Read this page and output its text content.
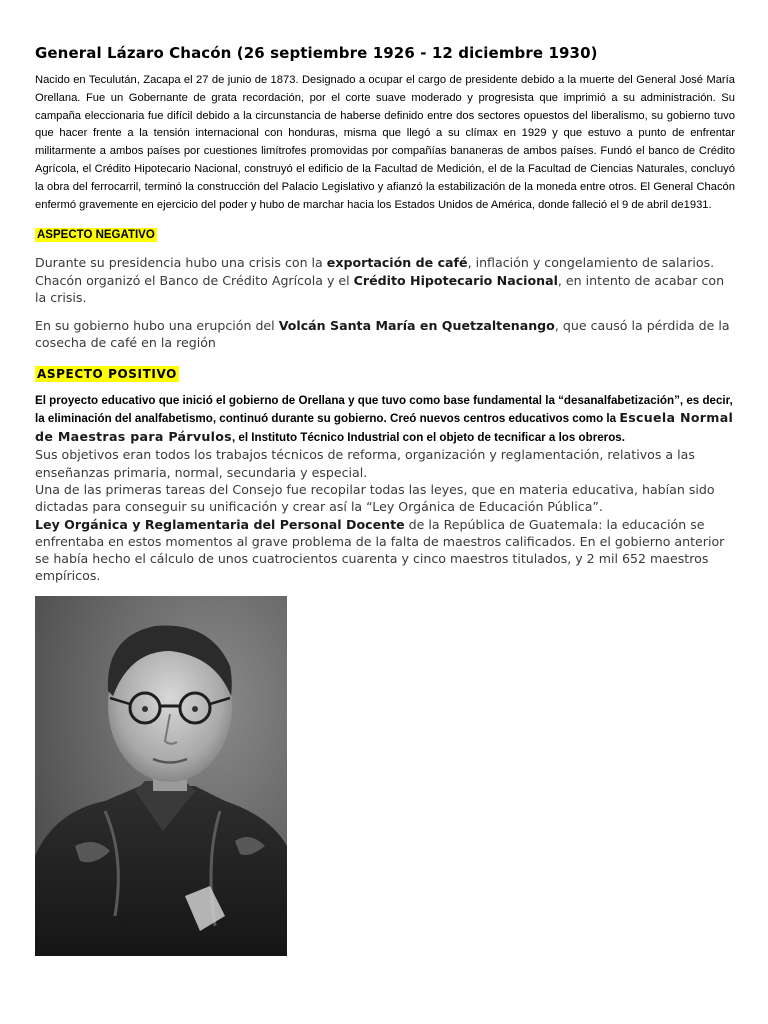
General Lázaro Chacón (26 septiembre 1926 - 12 diciembre 1930)

Nacido en Teculután, Zacapa el 27 de junio de 1873. Designado a ocupar el cargo de presidente debido a la muerte del General José María Orellana. Fue un Gobernante de grata recordación, por el corte suave moderado y progresista que imprimió a su administración. Su campaña eleccionaria fue difícil debido a la circunstancia de haberse definido entre dos sectores opuestos del liberalismo, su gobierno tuvo que hacer frente a la tensión internacional con honduras, misma que llegó a su clímax en 1929 y que estuvo a punto de enfrentar militarmente a ambos países por cuestiones limítrofes promovidas por compañías bananeras de ambos países. Fundó el banco de Crédito Agrícola, el Crédito Hipotecario Nacional, construyó el edificio de la Facultad de Medición, el de la Facultad de Ciencias Naturales, concluyó la obra del ferrocarril, terminó la construcción del Palacio Legislativo y afianzó la estabilización de la moneda entre otros. El General Chacón enfermó gravemente en ejercicio del poder y hubo de marchar hacia los Estados Unidos de América, donde falleció el 9 de abril de1931.

ASPECTO NEGATIVO

Durante su presidencia hubo una crisis con la exportación de café, inflación y congelamiento de salarios. Chacón organizó el Banco de Crédito Agrícola y el Crédito Hipotecario Nacional, en intento de acabar con la crisis.

En su gobierno hubo una erupción del Volcán Santa María en Quetzaltenango, que causó la pérdida de la cosecha de café en la región

ASPECTO POSITIVO

El proyecto educativo que inició el gobierno de Orellana y que tuvo como base fundamental la “desanalfabetización”, es decir, la eliminación del analfabetismo, continuó durante su gobierno. Creó nuevos centros educativos como la Escuela Normal de Maestras para Párvulos, el Instituto Técnico Industrial con el objeto de tecnificar a los obreros.

Sus objetivos eran todos los trabajos técnicos de reforma, organización y reglamentación, relativos a las enseñanzas primaria, normal, secundaria y especial.

Una de las primeras tareas del Consejo fue recopilar todas las leyes, que en materia educativa, habían sido dictadas para conseguir su unificación y crear así la “Ley Orgánica de Educación Pública”.

Ley Orgánica y Reglamentaria del Personal Docente de la República de Guatemala: la educación se enfrentaba en estos momentos al grave problema de la falta de maestros calificados. En el gobierno anterior se había hecho el cálculo de unos cuatrocientos cuarenta y cinco maestros titulados, y 2 mil 652 maestros empíricos.
